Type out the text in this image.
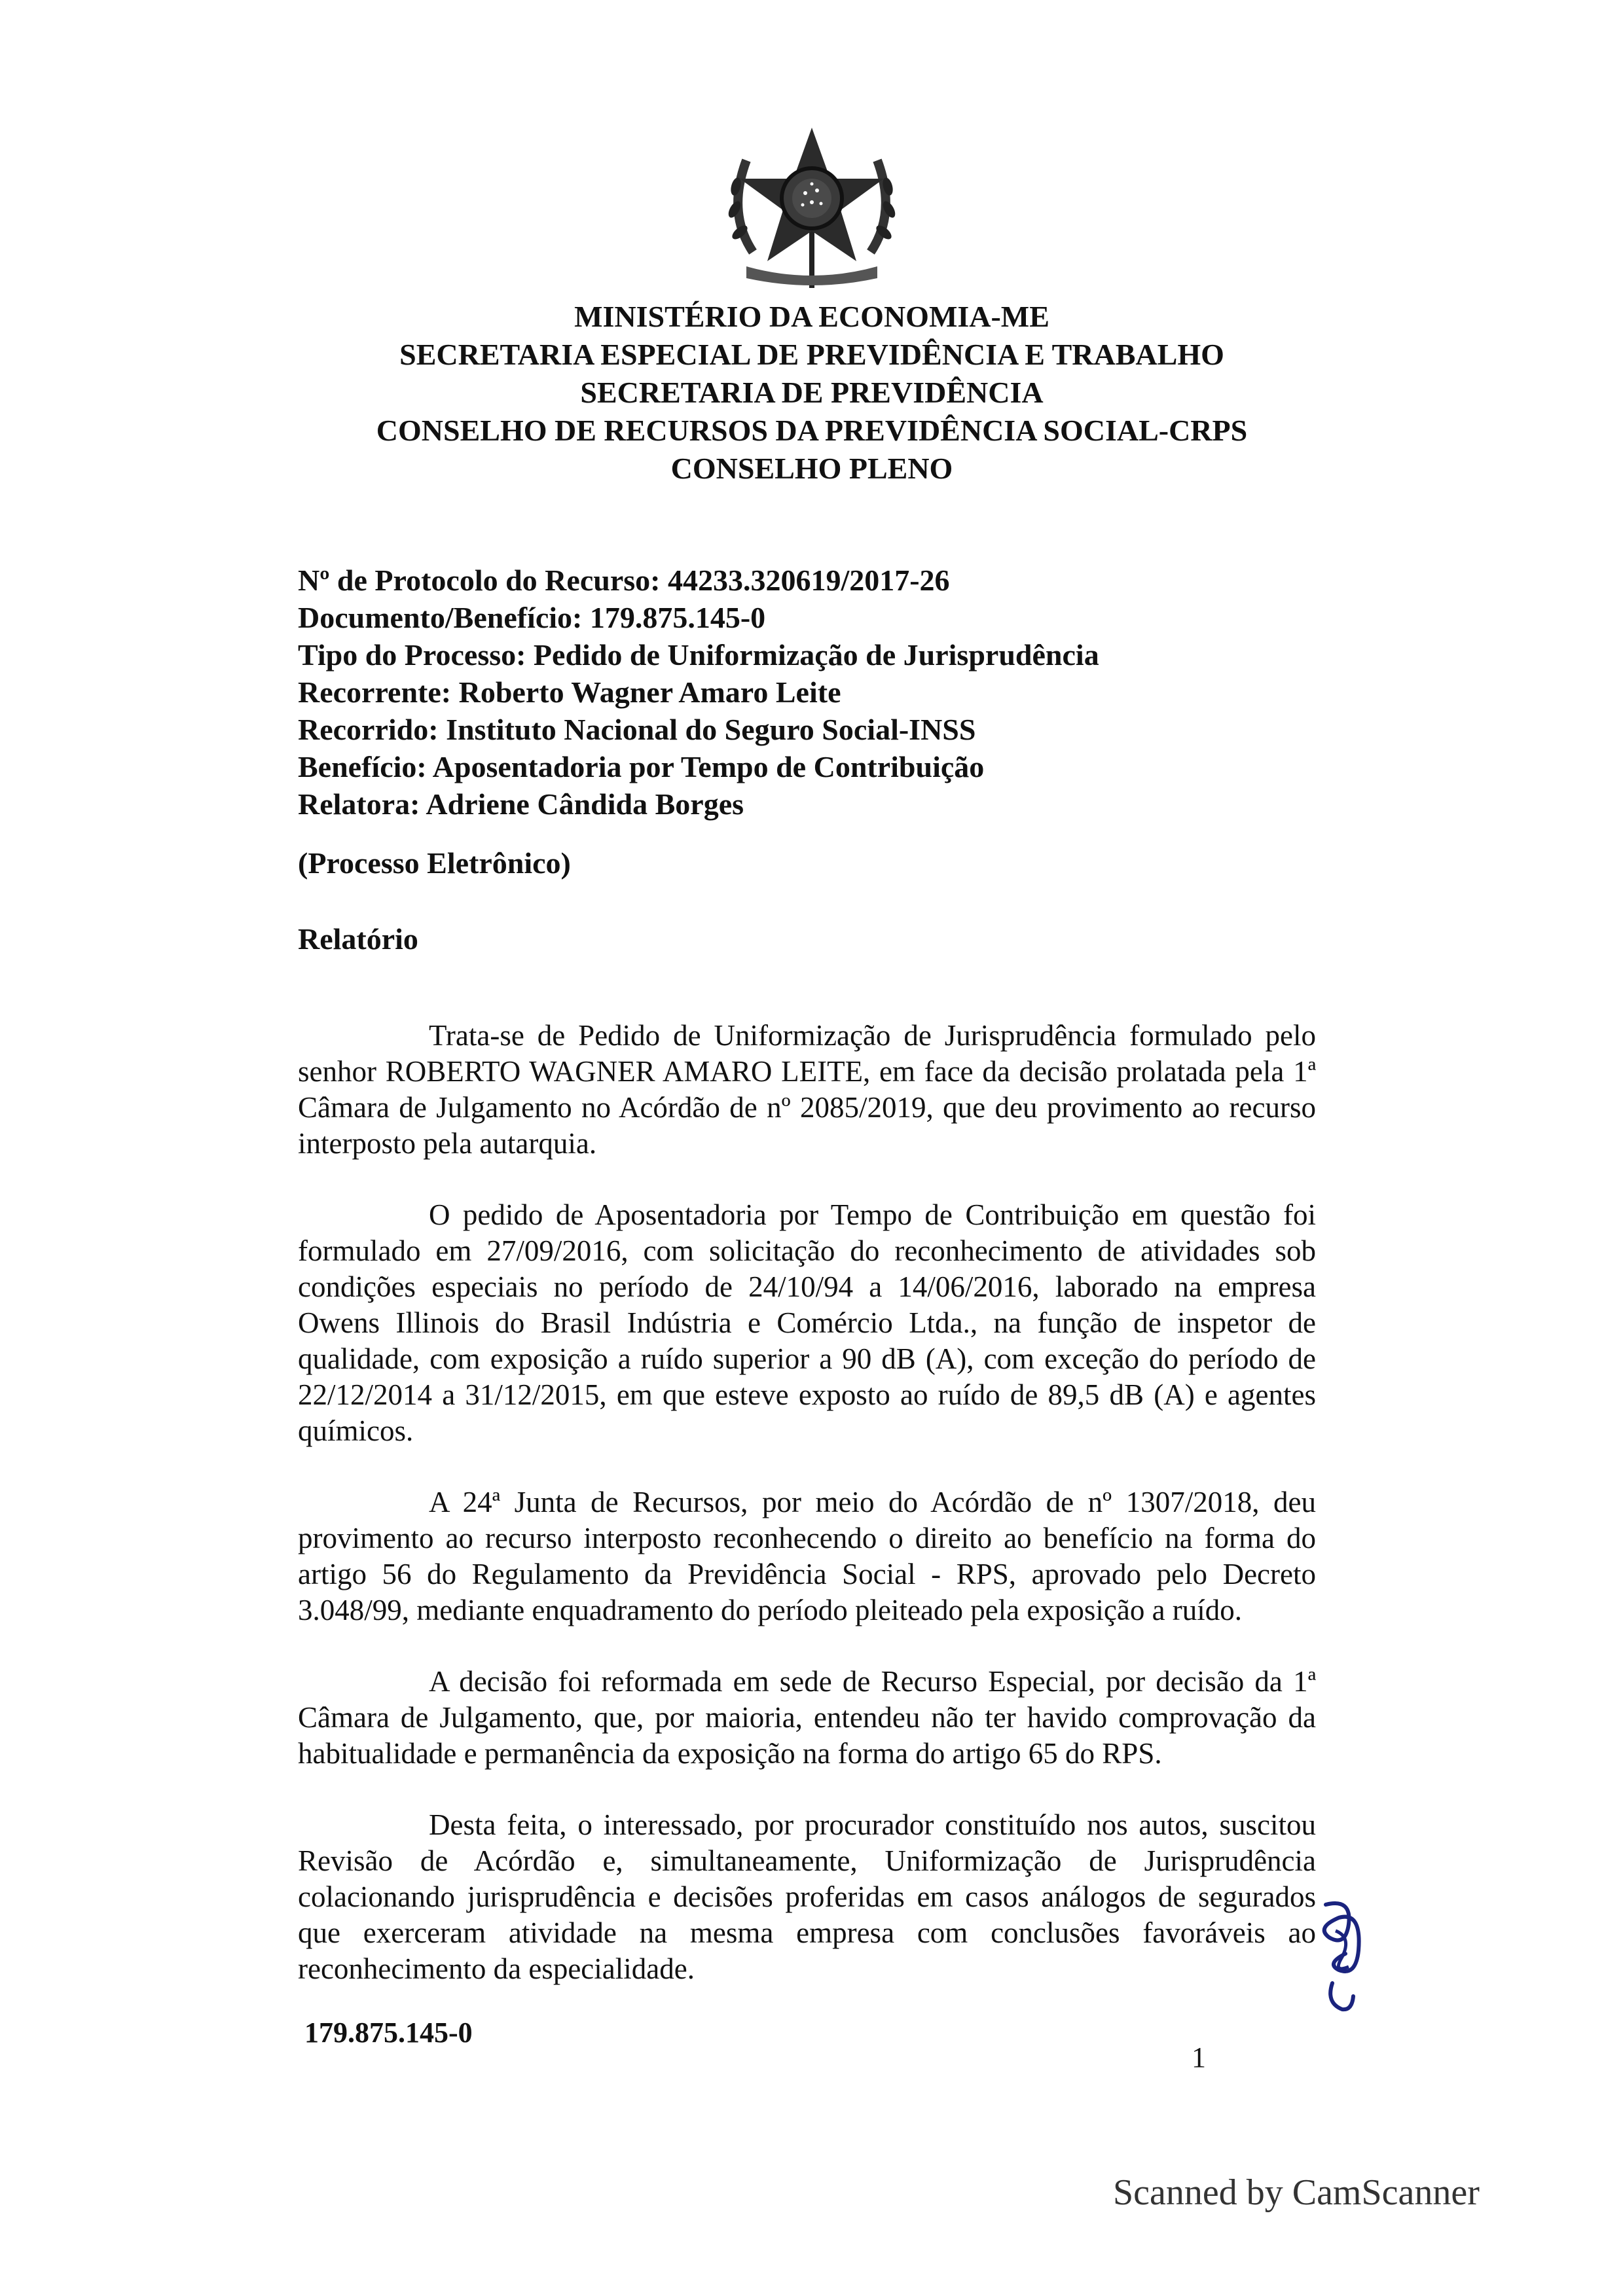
MINISTÉRIO DA ECONOMIA-ME
SECRETARIA ESPECIAL DE PREVIDÊNCIA E TRABALHO
SECRETARIA DE PREVIDÊNCIA
CONSELHO DE RECURSOS DA PREVIDÊNCIA SOCIAL-CRPS
CONSELHO PLENO
Nº de Protocolo do Recurso: 44233.320619/2017-26
Documento/Benefício: 179.875.145-0
Tipo do Processo: Pedido de Uniformização de Jurisprudência
Recorrente: Roberto Wagner Amaro Leite
Recorrido: Instituto Nacional do Seguro Social-INSS
Benefício: Aposentadoria por Tempo de Contribuição
Relatora: Adriene Cândida Borges
(Processo Eletrônico)
Relatório

Trata-se de Pedido de Uniformização de Jurisprudência formulado pelo senhor ROBERTO WAGNER AMARO LEITE, em face da decisão prolatada pela 1ª Câmara de Julgamento no Acórdão de nº 2085/2019, que deu provimento ao recurso interposto pela autarquia.

O pedido de Aposentadoria por Tempo de Contribuição em questão foi formulado em 27/09/2016, com solicitação do reconhecimento de atividades sob condições especiais no período de 24/10/94 a 14/06/2016, laborado na empresa Owens Illinois do Brasil Indústria e Comércio Ltda., na função de inspetor de qualidade, com exposição a ruído superior a 90 dB (A), com exceção do período de 22/12/2014 a 31/12/2015, em que esteve exposto ao ruído de 89,5 dB (A) e agentes químicos.

A 24ª Junta de Recursos, por meio do Acórdão de nº 1307/2018, deu provimento ao recurso interposto reconhecendo o direito ao benefício na forma do artigo 56 do Regulamento da Previdência Social - RPS, aprovado pelo Decreto 3.048/99, mediante enquadramento do período pleiteado pela exposição a ruído.

A decisão foi reformada em sede de Recurso Especial, por decisão da 1ª Câmara de Julgamento, que, por maioria, entendeu não ter havido comprovação da habitualidade e permanência da exposição na forma do artigo 65 do RPS.

Desta feita, o interessado, por procurador constituído nos autos, suscitou Revisão de Acórdão e, simultaneamente, Uniformização de Jurisprudência colacionando jurisprudência e decisões proferidas em casos análogos de segurados que exerceram atividade na mesma empresa com conclusões favoráveis ao reconhecimento da especialidade.

179.875.145-0
1
Scanned by CamScanner
